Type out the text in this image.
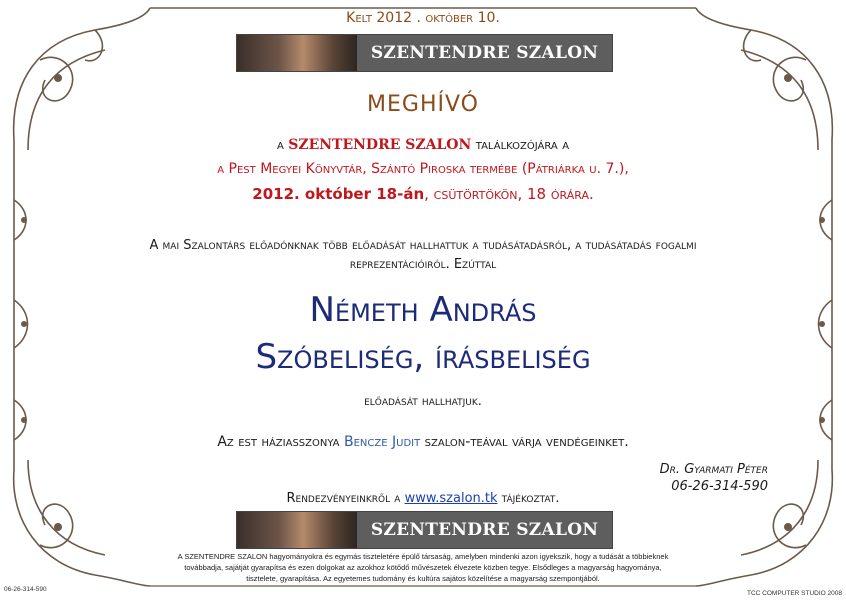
Kelt 2012 . október 10.
SZENTENDRE SZALON
MEGHÍVÓ
a SZENTENDRE SZALON találkozójára a
a Pest Megyei Könyvtár, Szántó Piroska termébe (Pátriárka u. 7.),
2012. október 18-án, csütörtökön, 18 órára.
A mai Szalontárs előadónknak több előadását hallhattuk a tudásátadásról, a tudásátadás fogalmi
reprezentációiról. Ezúttal
Németh András
Szóbeliség, írásbeliség
előadását hallhatjuk.
Az est háziasszonya Bencze Judit szalon-teával várja vendégeinket.
Dr. Gyarmati Péter
06-26-314-590
Rendezvényeinkről a www.szalon.tk tájékoztat.
SZENTENDRE SZALON
A SZENTENDRE SZALON hagyományokra és egymás tiszteletére épülő társaság, amelyben mindenki azon igyekszik, hogy a tudását a többieknek
továbbadja, sajátját gyarapítsa és ezen dolgokat az azokhoz kötődő művészetek élvezete közben tegye. Elsődleges a magyarság hagyománya,
tisztelete, gyarapítása. Az egyetemes tudomány és kultúra sajátos közelítése a magyarság szempontjából.
06-26-314-590
TCC COMPUTER STUDIO 2008
